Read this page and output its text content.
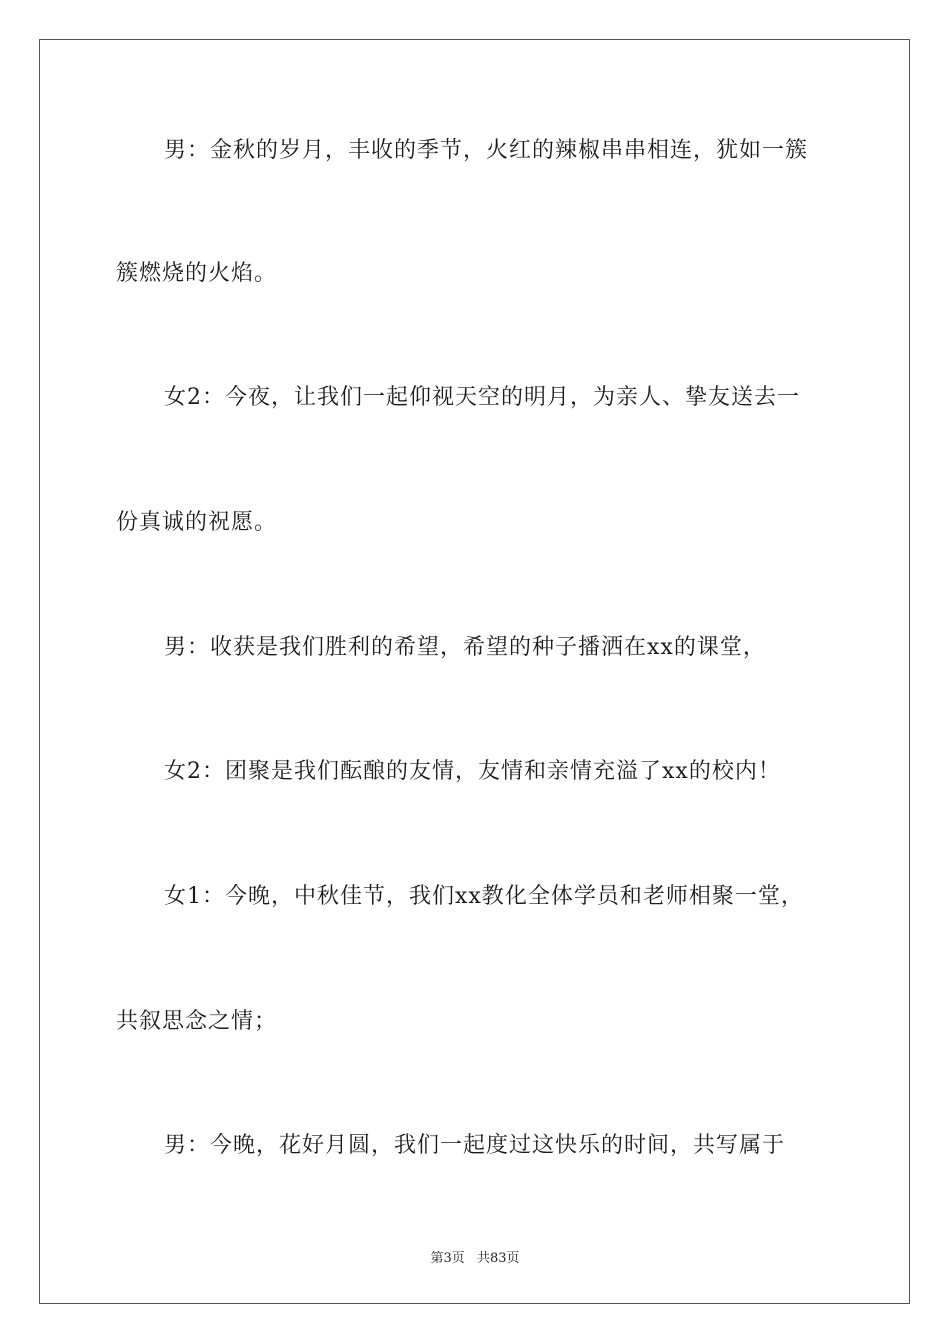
男：金秋的岁月，丰收的季节，火红的辣椒串串相连，犹如一簇
簇燃烧的火焰。
女2：今夜，让我们一起仰视天空的明月，为亲人、挚友送去一
份真诚的祝愿。
男：收获是我们胜利的希望，希望的种子播洒在xx的课堂，
女2：团聚是我们酝酿的友情，友情和亲情充溢了xx的校内！
女1：今晚，中秋佳节，我们xx教化全体学员和老师相聚一堂，
共叙思念之情；
男：今晚，花好月圆，我们一起度过这快乐的时间，共写属于
第3页 共83页
